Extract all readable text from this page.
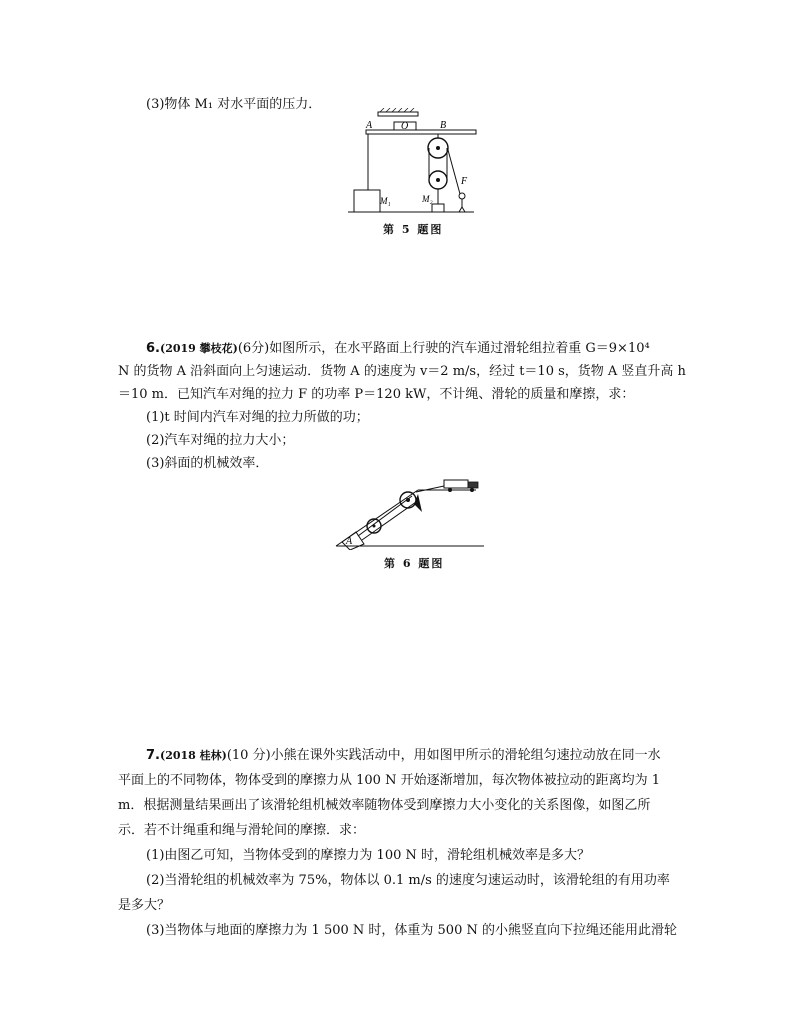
(3)物体 M₁ 对水平面的压力．
A	O	B
F
M₁	M₂
第 5 题图
6.(2019 攀枝花)(6分)如图所示，在水平路面上行驶的汽车通过滑轮组拉着重 G＝9×10⁴
N 的货物 A 沿斜面向上匀速运动．货物 A 的速度为 v＝2 m/s，经过 t＝10 s，货物 A 竖直升高 h
＝10 m．已知汽车对绳的拉力 F 的功率 P＝120 kW，不计绳、滑轮的质量和摩擦，求：
(1)t 时间内汽车对绳的拉力所做的功；
(2)汽车对绳的拉力大小；
(3)斜面的机械效率．
A
第 6 题图
7.(2018 桂林)(10 分)小熊在课外实践活动中，用如图甲所示的滑轮组匀速拉动放在同一水
平面上的不同物体，物体受到的摩擦力从 100 N 开始逐渐增加，每次物体被拉动的距离均为 1
m．根据测量结果画出了该滑轮组机械效率随物体受到摩擦力大小变化的关系图像，如图乙所
示．若不计绳重和绳与滑轮间的摩擦．求：
(1)由图乙可知，当物体受到的摩擦力为 100 N 时，滑轮组机械效率是多大？
(2)当滑轮组的机械效率为 75%，物体以 0.1 m/s 的速度匀速运动时，该滑轮组的有用功率
是多大？
(3)当物体与地面的摩擦力为 1 500 N 时，体重为 500 N 的小熊竖直向下拉绳还能用此滑轮
